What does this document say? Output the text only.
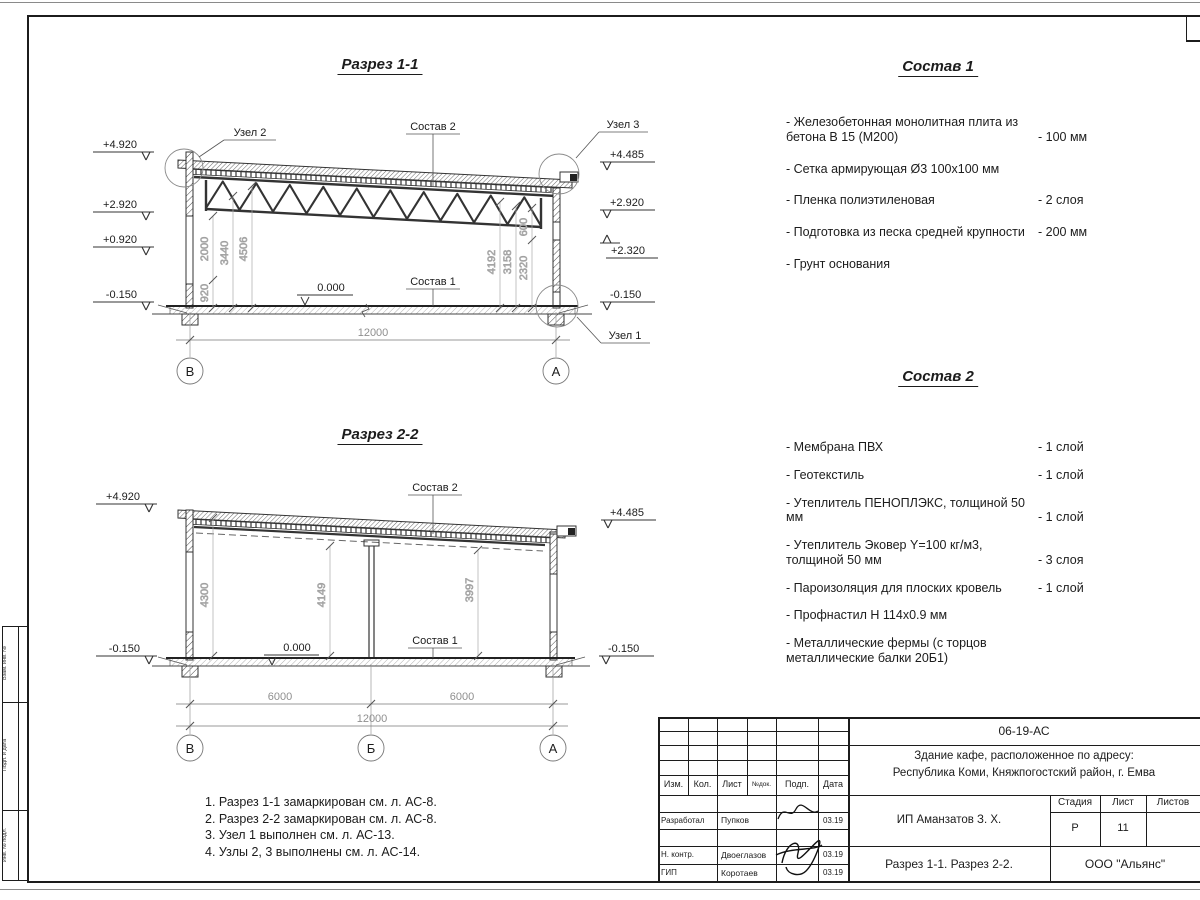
Взам. инв. №
Подп. и дата
Инв. № подл.
Разрез 1-1
Узел 2
Узел 3
Узел 1
Состав 2
Состав 1
0.000
+4.920
+2.920
+0.920
-0.150
+4.485
+2.920
+2.320
-0.150
920
2000 3440 4506
4192 3158 2320
600
12000
В	А
Разрез 2-2
Состав 2
Состав 1
0.000
+4.920
-0.150
+4.485
-0.150
4300	4149	3997
6000	6000
12000
В	Б	А
Состав 1
- Железобетонная монолитная плита из бетона В 15 (М200)	- 100 мм
- Сетка армирующая Ø3 100х100 мм
- Пленка полиэтиленовая	- 2 слоя
- Подготовка из песка средней крупности	- 200 мм
- Грунт основания
Состав 2
- Мембрана ПВХ	- 1 слой
- Геотекстиль	- 1 слой
- Утеплитель ПЕНОПЛЭКС, толщиной 50 мм	- 1 слой
- Утеплитель Эковер Y=100 кг/м3, толщиной 50 мм	- 3 слоя
- Пароизоляция для плоских кровель	- 1 слой
- Профнастил Н 114х0.9 мм
- Металлические фермы (с торцов металлические балки 20Б1)
1. Разрез 1-1 замаркирован см. л. АС-8.
2. Разрез 2-2 замаркирован см. л. АС-8.
3. Узел 1 выполнен см. л. АС-13.
4. Узлы 2, 3 выполнены см. л. АС-14.
Изм.	Кол.	Лист	№док.	Подп.	Дата
Разработал	Пупков	03.19
Н. контр.	Двоеглазов	03.19
ГИП	Коротаев	03.19
06-19-АС
Здание кафе, расположенное по адресу:
Республика Коми, Княжпогостский район, г. Емва
ИП Аманзатов З. Х.
Разрез 1-1. Разрез 2-2.
Стадия	Лист	Листов
Р	11
ООО "Альянс"
